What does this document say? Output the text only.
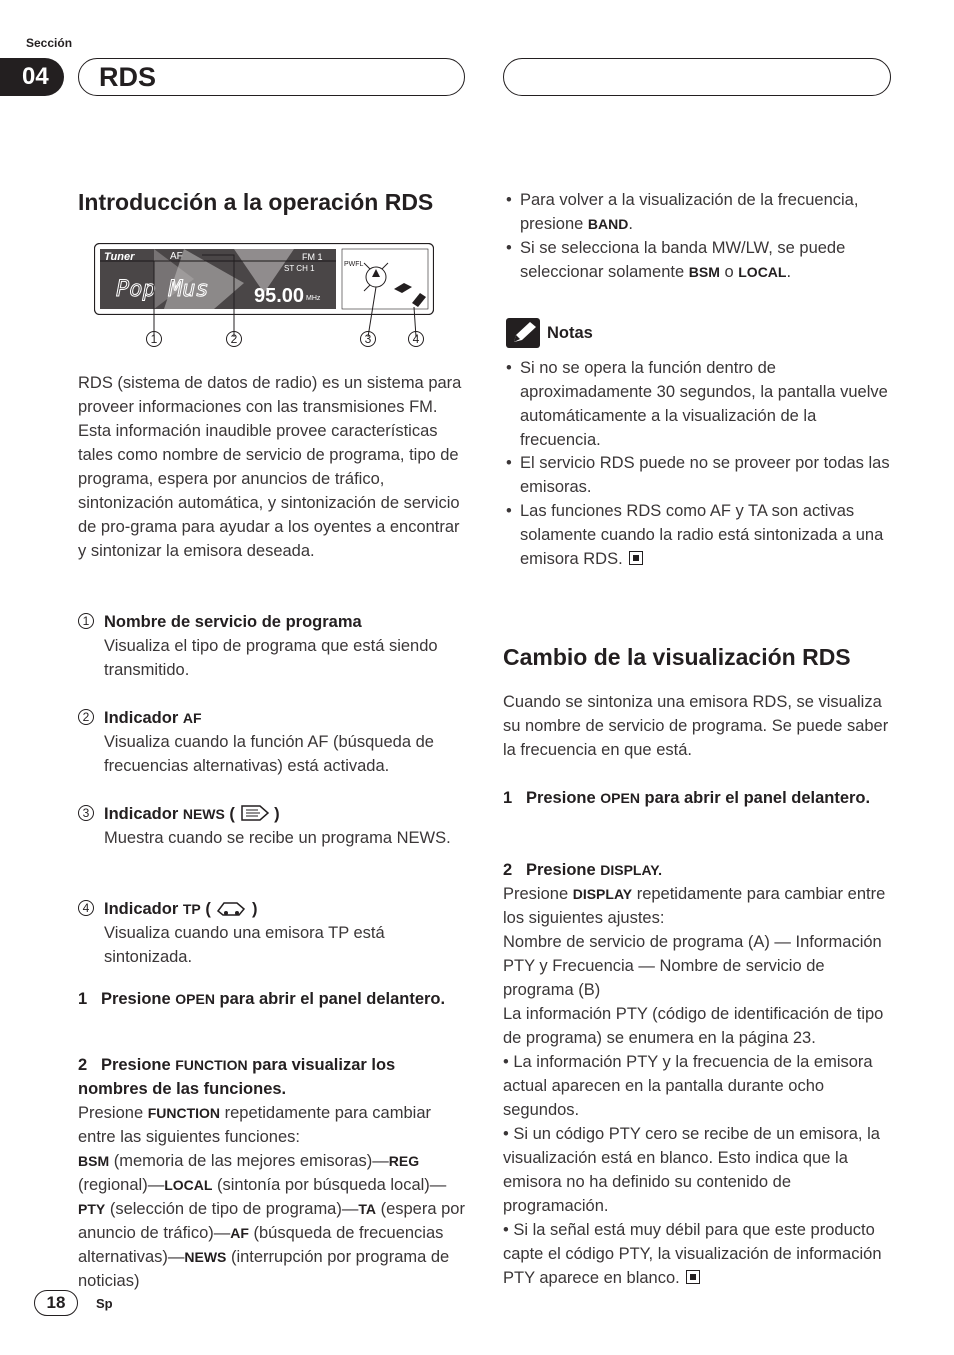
Sección
04	RDS
Introducción a la operación RDS
Tuner	AF	FM 1
ST CH 1
Pop Mus 95.00 MHz
PWFL
1	2	3	4
RDS (sistema de datos de radio) es un sistema para proveer informaciones con las transmisiones FM. Esta información inaudible provee características tales como nombre de servicio de programa, tipo de programa, espera por anuncios de tráfico, sintonización automática, y sintonización de servicio de pro-grama para ayudar a los oyentes a encontrar y sintonizar la emisora deseada.
1 Nombre de servicio de programa
Visualiza el tipo de programa que está siendo transmitido.
2 Indicador AF
Visualiza cuando la función AF (búsqueda de frecuencias alternativas) está activada.
3 Indicador NEWS (  )
Muestra cuando se recibe un programa NEWS.
4 Indicador TP (  )
Visualiza cuando una emisora TP está sintonizada.
1 Presione OPEN para abrir el panel delantero.
2 Presione FUNCTION para visualizar los nombres de las funciones.
Presione FUNCTION repetidamente para cambiar entre las siguientes funciones:
BSM (memoria de las mejores emisoras)—REG (regional)—LOCAL (sintonía por búsqueda local)—PTY (selección de tipo de programa)—TA (espera por anuncio de tráfico)—AF (búsqueda de frecuencias alternativas)—NEWS (interrupción por programa de noticias)
• Para volver a la visualización de la frecuencia, presione BAND.
• Si se selecciona la banda MW/LW, se puede seleccionar solamente BSM o LOCAL.
Notas
• Si no se opera la función dentro de aproximadamente 30 segundos, la pantalla vuelve automáticamente a la visualización de la frecuencia.
• El servicio RDS puede no se proveer por todas las emisoras.
• Las funciones RDS como AF y TA son activas solamente cuando la radio está sintonizada a una emisora RDS.
Cambio de la visualización RDS
Cuando se sintoniza una emisora RDS, se visualiza su nombre de servicio de programa. Se puede saber la frecuencia en que está.
1 Presione OPEN para abrir el panel delantero.
2 Presione DISPLAY.
Presione DISPLAY repetidamente para cambiar entre los siguientes ajustes:
Nombre de servicio de programa (A) — Información PTY y Frecuencia — Nombre de servicio de programa (B)
La información PTY (código de identificación de tipo de programa) se enumera en la página 23.
• La información PTY y la frecuencia de la emisora actual aparecen en la pantalla durante ocho segundos.
• Si un código PTY cero se recibe de un emisora, la visualización está en blanco. Esto indica que la emisora no ha definido su contenido de programación.
• Si la señal está muy débil para que este producto capte el código PTY, la visualización de información PTY aparece en blanco.
18	Sp
